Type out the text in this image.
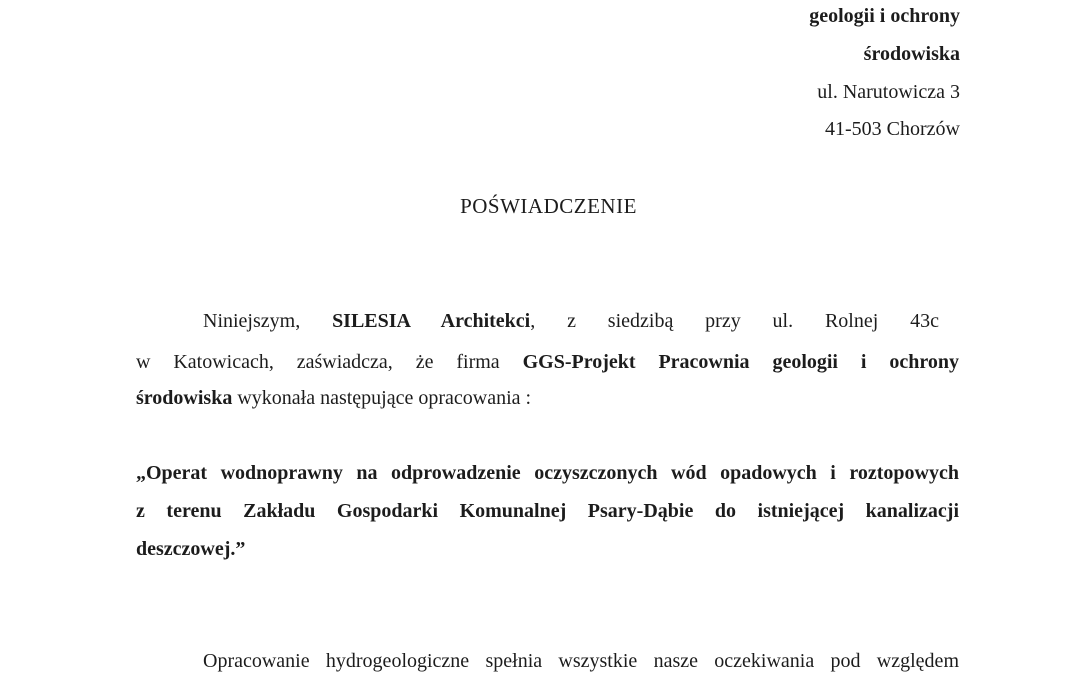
geologii i ochrony
środowiska
ul. Narutowicza 3
41-503 Chorzów
POŚWIADCZENIE
Niniejszym, SILESIA Architekci, z siedzibą przy ul. Rolnej 43c
w Katowicach, zaświadcza, że firma GGS-Projekt Pracownia geologii i ochrony
środowiska wykonała następujące opracowania :
„Operat wodnoprawny na odprowadzenie oczyszczonych wód opadowych i roztopowych
z terenu Zakładu Gospodarki Komunalnej Psary-Dąbie do istniejącej kanalizacji
deszczowej.”
Opracowanie hydrogeologiczne spełnia wszystkie nasze oczekiwania pod względem
